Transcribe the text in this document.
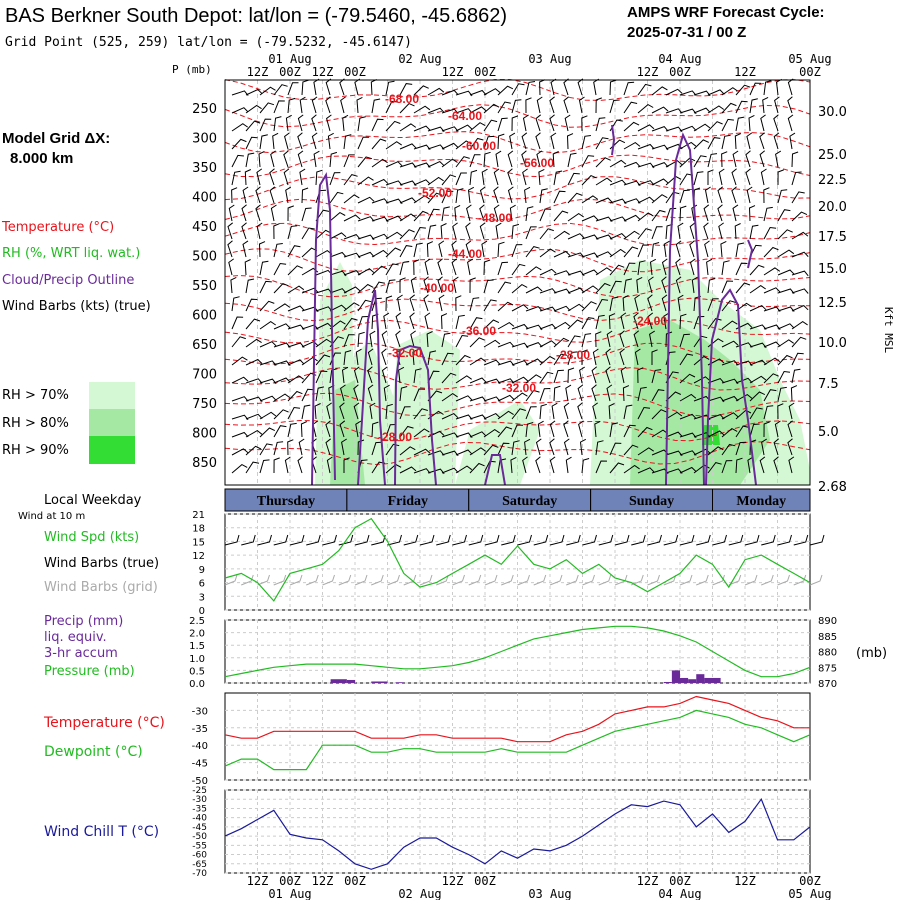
BAS Berkner South Depot: lat/lon = (-79.5460, -45.6862)
Grid Point (525, 259) lat/lon = (-79.5232, -45.6147)
AMPS WRF Forecast Cycle:
2025-07-31 / 00 Z
Model Grid ΔX:
8.000 km
Temperature (°C)
RH (%, WRT liq. wat.)
Cloud/Precip Outline
Wind Barbs (kts) (true)
RH > 70%
RH > 80%
RH > 90%
P (mb)
Kft MSL
-68.00
-64.00
-60.00
-56.00
-52.00
-48.00
-44.00
-40.00
-36.00
-32.00	-28.00
-24.00
-32.00
-28.00
250
300
350
400
450
500
550
600
650
700
750
800
850
30.0
25.0
22.5
20.0
17.5
15.0
12.5
10.0
7.5
5.0
2.68
12Z 00Z 12Z 00Z	12Z 00Z	12Z 00Z	12Z	00Z
01 Aug	02 Aug	03 Aug	04 Aug	05 Aug
Local Weekday	Thursday	Friday	Saturday	Sunday	Monday
Wind at 10 m
Wind Spd (kts)
Wind Barbs (true)
Wind Barbs (grid)
21
18
15
12
9
6
3
0
Precip (mm)
liq. equiv.
3-hr accum
Pressure (mb)
(mb)
2.5
2.0
1.5
1.0
0.5
0.0
890
885
880
875
870
Temperature (°C)
Dewpoint (°C)
-30
-35
-40
-45
-50
Wind Chill T (°C)
-25
-30
-35
-40
-45
-50
-55
-60
-65
-70	12Z 00Z 12Z 00Z	12Z 00Z	12Z 00Z	12Z	00Z
01 Aug	02 Aug	03 Aug	04 Aug	05 Aug
